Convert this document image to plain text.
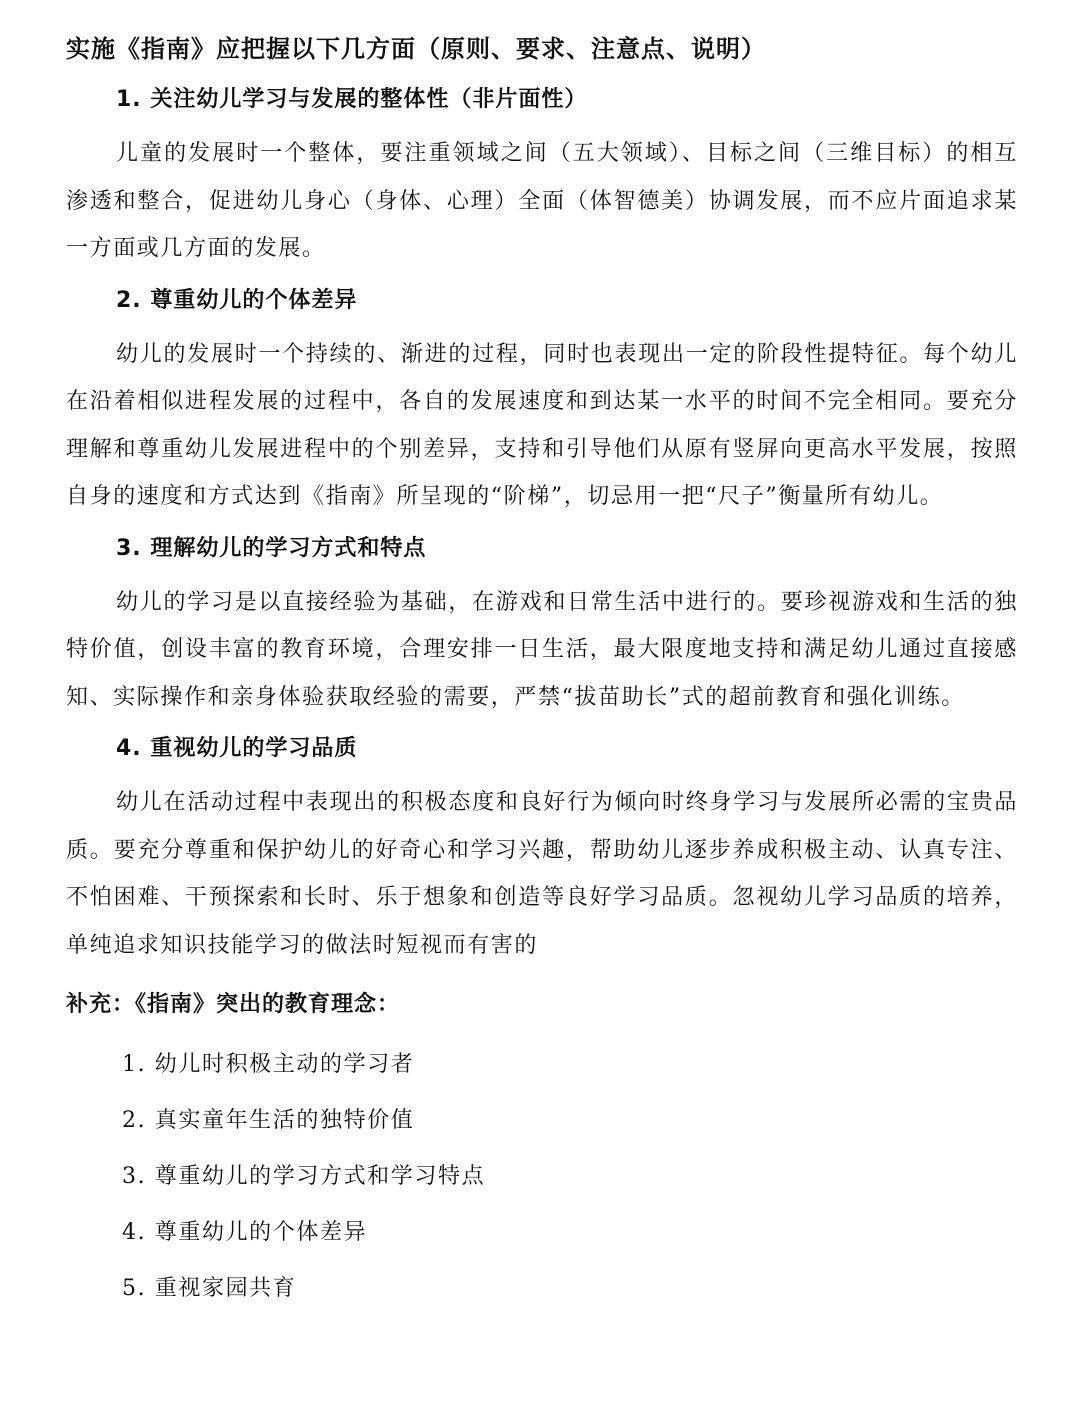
实施《指南》应把握以下几方面（原则、要求、注意点、说明）
1. 关注幼儿学习与发展的整体性（非片面性）

儿童的发展时一个整体，要注重领域之间（五大领域）、目标之间（三维目标）的相互渗透和整合，促进幼儿身心（身体、心理）全面（体智德美）协调发展，而不应片面追求某一方面或几方面的发展。

2. 尊重幼儿的个体差异

幼儿的发展时一个持续的、渐进的过程，同时也表现出一定的阶段性提特征。每个幼儿在沿着相似进程发展的过程中，各自的发展速度和到达某一水平的时间不完全相同。要充分理解和尊重幼儿发展进程中的个别差异，支持和引导他们从原有竖屏向更高水平发展，按照自身的速度和方式达到《指南》所呈现的“阶梯”，切忌用一把“尺子”衡量所有幼儿。

3. 理解幼儿的学习方式和特点

幼儿的学习是以直接经验为基础，在游戏和日常生活中进行的。要珍视游戏和生活的独特价值，创设丰富的教育环境，合理安排一日生活，最大限度地支持和满足幼儿通过直接感知、实际操作和亲身体验获取经验的需要，严禁“拔苗助长”式的超前教育和强化训练。

4. 重视幼儿的学习品质

幼儿在活动过程中表现出的积极态度和良好行为倾向时终身学习与发展所必需的宝贵品质。要充分尊重和保护幼儿的好奇心和学习兴趣，帮助幼儿逐步养成积极主动、认真专注、不怕困难、干预探索和长时、乐于想象和创造等良好学习品质。忽视幼儿学习品质的培养，单纯追求知识技能学习的做法时短视而有害的

补充：《指南》突出的教育理念：
1. 幼儿时积极主动的学习者
2. 真实童年生活的独特价值
3. 尊重幼儿的学习方式和学习特点
4. 尊重幼儿的个体差异
5. 重视家园共育
